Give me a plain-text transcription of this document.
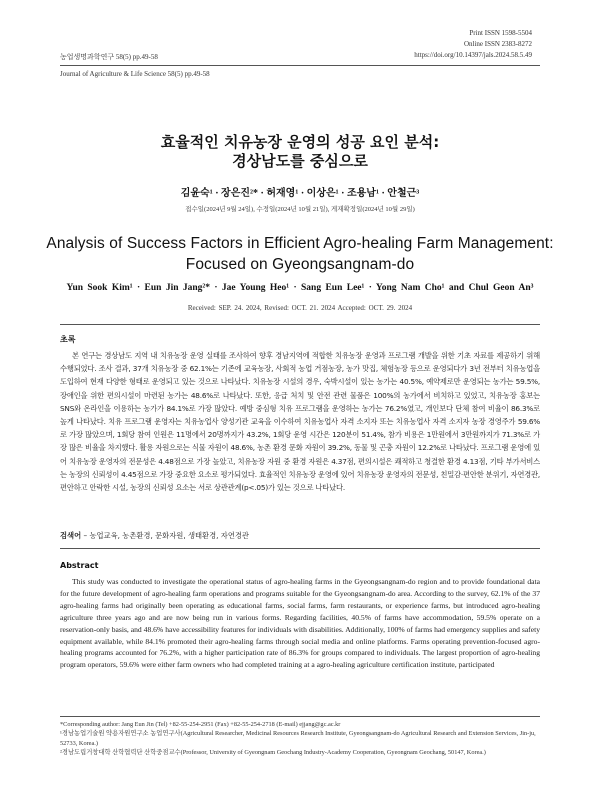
Print ISSN 1598-5504
Online ISSN 2383-8272
https://doi.org/10.14397/jals.2024.58.5.49
농업생명과학연구 58(5) pp.49-58
Journal of Agriculture & Life Science 58(5) pp.49-58
효율적인 치유농장 운영의 성공 요인 분석:
경상남도를 중심으로
김윤숙¹ · 장은진²* · 허재영¹ · 이상은¹ · 조용남¹ · 안철근³
접수일(2024년 9월 24일), 수정일(2024년 10월 21일), 게재확정일(2024년 10월 29일)
Analysis of Success Factors in Efficient Agro-healing Farm Management:
Focused on Gyeongsangnam-do
Yun Sook Kim¹ · Eun Jin Jang²* · Jae Young Heo¹ · Sang Eun Lee¹ · Yong Nam Cho¹ and Chul Geon An³
Received: SEP. 24. 2024, Revised: OCT. 21. 2024 Accepted: OCT. 29. 2024
초록
본 연구는 경상남도 지역 내 치유농장 운영 실태를 조사하여 향후 경남지역에 적합한 치유농장 운영과 프로그램 개발을 위한 기초 자료를 제공하기 위해 수행되었다. 조사 결과, 37개 치유농장 중 62.1%는 기존에 교육농장, 사회적 농업 거점농장, 농가 맛집, 체험농장 등으로 운영되다가 3년 전부터 치유농업을 도입하여 현재 다양한 형태로 운영되고 있는 것으로 나타났다. 치유농장 시설의 경우, 숙박시설이 있는 농가는 40.5%, 예약제로만 운영되는 농가는 59.5%, 장애인을 위한 편의시설이 마련된 농가는 48.6%로 나타났다. 또한, 응급 처치 및 안전 관련 물품은 100%의 농가에서 비치하고 있었고, 치유농장 홍보는 SNS와 온라인을 이용하는 농가가 84.1%로 가장 많았다. 예방 중심형 치유 프로그램을 운영하는 농가는 76.2%였고, 개인보다 단체 참여 비율이 86.3%로 높게 나타났다. 치유 프로그램 운영자는 치유농업사 양성기관 교육을 이수하여 치유농업사 자격 소지자 또는 치유농업사 자격 소지자 농장 경영주가 59.6%로 가장 많았으며, 1회당 참여 인원은 11명에서 20명까지가 43.2%, 1회당 운영 시간은 120분이 51.4%, 참가 비용은 1만원에서 3만원까지가 71.3%로 가장 많은 비율을 차지했다. 활용 자원으로는 식물 자원이 48.6%, 농촌 환경 문화 자원이 39.2%, 동물 및 곤충 자원이 12.2%로 나타났다. 프로그램 운영에 있어 치유농장 운영자의 전문성은 4.48점으로 가장 높았고, 치유농장 자원 중 환경 자원은 4.37점, 편의시설은 쾌적하고 청결한 환경 4.13점, 기타 부가서비스는 농장의 신뢰성이 4.45점으로 가장 중요한 요소로 평가되었다. 효율적인 치유농장 운영에 있어 치유농장 운영자의 전문성, 친밀감·편안한 분위기, 자연경관, 편안하고 안락한 시설, 농장의 신뢰성 요소는 서로 상관관계(p<.05)가 있는 것으로 나타났다.
검색어 – 농업교육, 농촌환경, 문화자원, 생태환경, 자연경관
Abstract
This study was conducted to investigate the operational status of agro-healing farms in the Gyeongsangnam-do region and to provide foundational data for the future development of agro-healing farm operations and programs suitable for the Gyeongsangnam-do area. According to the survey, 62.1% of the 37 agro-healing farms had originally been operating as educational farms, social farms, farm restaurants, or experience farms, but introduced agro-healing agriculture three years ago and are now being run in various forms. Regarding facilities, 40.5% of farms have accommodation, 59.5% operate on a reservation-only basis, and 48.6% have accessibility features for individuals with disabilities. Additionally, 100% of farms had emergency supplies and safety equipment available, while 84.1% promoted their agro-healing farms through social media and online platforms. Farms operating prevention-focused agro-healing programs accounted for 76.2%, with a higher participation rate of 86.3% for groups compared to individuals. The largest proportion of agro-healing program operators, 59.6% were either farm owners who had completed training at a agro-healing agriculture certification institute, participated
*Corresponding author: Jang Eun Jin (Tel) +82-55-254-2951 (Fax) +82-55-254-2718 (E-mail) ejjang@gc.ac.kr
¹경남농업기술원 약용자원연구소 농업연구사(Agricultural Researcher, Medicinal Resources Research Institute, Gyeongsangnam-do Agricultural Research and Extension Services, Jin-ju, 52733, Korea.)
²경남도립거창대학 산학협력단 산학중점교수(Professor, University of Gyeongnam Geochang Industry-Academy Cooperation, Gyeongnam Geochang, 50147, Korea.)
